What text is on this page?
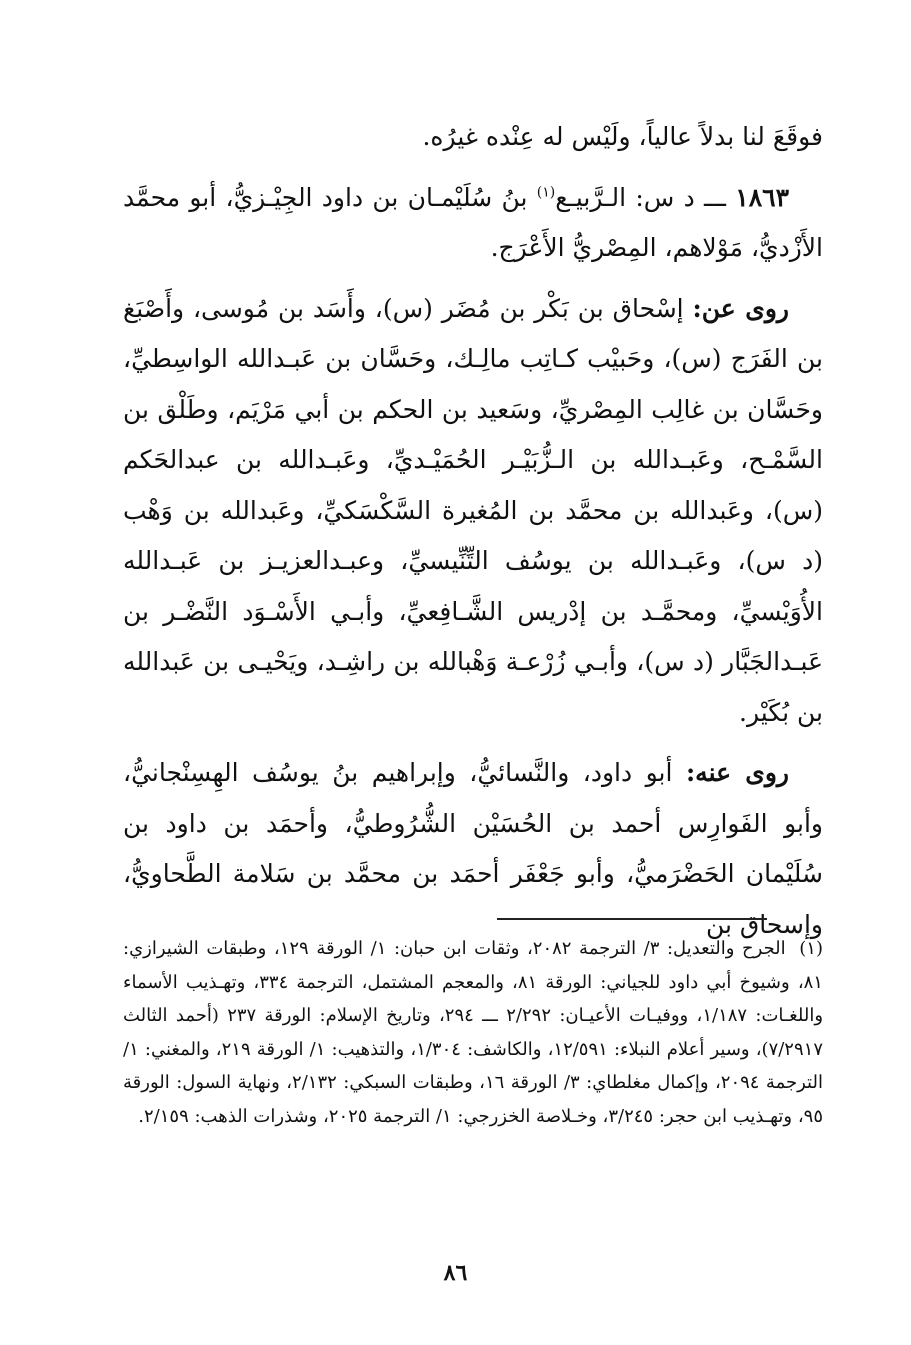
فوقَعَ لنا بدلاً عالياً، ولَيْس له عِنْده غيرُه.

١٨٦٣ ـــ د س: الـرَّبيـع$^{(١)}$ بنُ سُلَيْمـان بن داود الجِيْـزيُّ، أبو محمَّد الأَزْديُّ، مَوْلاهم، المِصْريُّ الأَعْرَج.

روى عن: إسْحاق بن بَكْر بن مُضَر (س)، وأَسَد بن مُوسى، وأَصْبَغ بن الفَرَج (س)، وحَبيْب كـاتِب مالِـك، وحَسَّان بن عَبـدالله الواسِطيِّ، وحَسَّان بن غالِب المِصْريِّ، وسَعيد بن الحكم بن أبي مَرْيَم، وطَلْق بن السَّمْـح، وعَبـدالله بن الـزُّبَيْـر الحُمَيْـديِّ، وعَبـدالله بن عبدالحَكم (س)، وعَبدالله بن محمَّد بن المُغيرة السَّكْسَكيِّ، وعَبدالله بن وَهْب (د س)، وعَبـدالله بن يوسُف التِّنِّيسيِّ، وعبـدالعزيـز بن عَبـدالله الأُوَيْسيِّ، ومحمَّـد بن إدْريس الشَّـافِعيِّ، وأبـي الأَسْـوَد النَّضْـر بن عَبـدالجَبَّار (د س)، وأبـي زُرْعـة وَهْبالله بن راشِـد، ويَحْيـى بن عَبدالله بن بُكَيْر.

روى عنه: أبو داود، والنَّسائيُّ، وإبراهيم بنُ يوسُف الهِسِنْجانيُّ، وأبو الفَوارِس أحمد بن الحُسَيْن الشُّرُوطيُّ، وأحمَد بن داود بن سُلَيْمان الحَضْرَميُّ، وأبو جَعْفَر أحمَد بن محمَّد بن سَلامة الطَّحاويُّ، وإسحاق بن

(١) الجرح والتعديل: ٣/ الترجمة ٢٠٨٢، وثقات ابن حبان: ١/ الورقة ١٢٩، وطبقات الشيرازي: ٨١، وشيوخ أبي داود للجياني: الورقة ٨١، والمعجم المشتمل، الترجمة ٣٣٤، وتهـذيب الأسماء واللغـات: ١/١٨٧، ووفيـات الأعيـان: ٢/٢٩٢ ـــ ٢٩٤، وتاريخ الإسلام: الورقة ٢٣٧ (أحمد الثالث ٧/٢٩١٧)، وسير أعلام النبلاء: ١٢/٥٩١، والكاشف: ١/٣٠٤، والتذهيب: ١/ الورقة ٢١٩، والمغني: ١/ الترجمة ٢٠٩٤، وإكمال مغلطاي: ٣/ الورقة ١٦، وطبقات السبكي: ٢/١٣٢، ونهاية السول: الورقة ٩٥، وتهـذيب ابن حجر: ٣/٢٤٥، وخـلاصة الخزرجي: ١/ الترجمة ٢٠٢٥، وشذرات الذهب: ٢/١٥٩.
٨٦
